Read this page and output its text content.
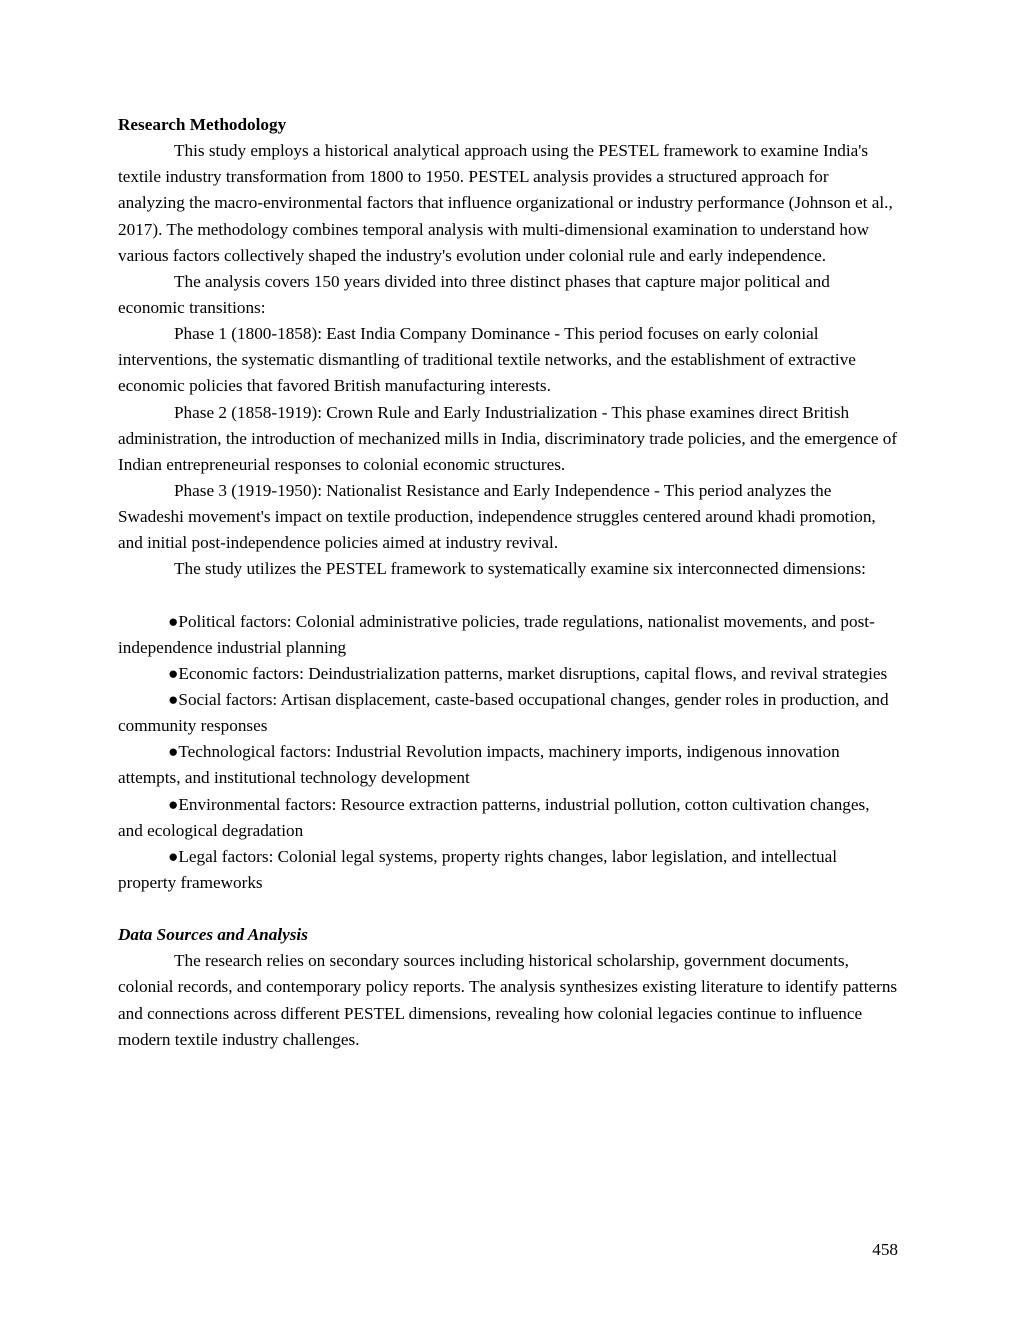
Research Methodology

This study employs a historical analytical approach using the PESTEL framework to examine India's textile industry transformation from 1800 to 1950. PESTEL analysis provides a structured approach for analyzing the macro-environmental factors that influence organizational or industry performance (Johnson et al., 2017). The methodology combines temporal analysis with multi-dimensional examination to understand how various factors collectively shaped the industry's evolution under colonial rule and early independence.

The analysis covers 150 years divided into three distinct phases that capture major political and economic transitions:

Phase 1 (1800-1858): East India Company Dominance - This period focuses on early colonial interventions, the systematic dismantling of traditional textile networks, and the establishment of extractive economic policies that favored British manufacturing interests.

Phase 2 (1858-1919): Crown Rule and Early Industrialization - This phase examines direct British administration, the introduction of mechanized mills in India, discriminatory trade policies, and the emergence of Indian entrepreneurial responses to colonial economic structures.

Phase 3 (1919-1950): Nationalist Resistance and Early Independence - This period analyzes the Swadeshi movement's impact on textile production, independence struggles centered around khadi promotion, and initial post-independence policies aimed at industry revival.

The study utilizes the PESTEL framework to systematically examine six interconnected dimensions:

●Political factors: Colonial administrative policies, trade regulations, nationalist movements, and post-independence industrial planning

●Economic factors: Deindustrialization patterns, market disruptions, capital flows, and revival strategies

●Social factors: Artisan displacement, caste-based occupational changes, gender roles in production, and community responses

●Technological factors: Industrial Revolution impacts, machinery imports, indigenous innovation attempts, and institutional technology development

●Environmental factors: Resource extraction patterns, industrial pollution, cotton cultivation changes, and ecological degradation

●Legal factors: Colonial legal systems, property rights changes, labor legislation, and intellectual property frameworks

Data Sources and Analysis

The research relies on secondary sources including historical scholarship, government documents, colonial records, and contemporary policy reports. The analysis synthesizes existing literature to identify patterns and connections across different PESTEL dimensions, revealing how colonial legacies continue to influence modern textile industry challenges.

458
